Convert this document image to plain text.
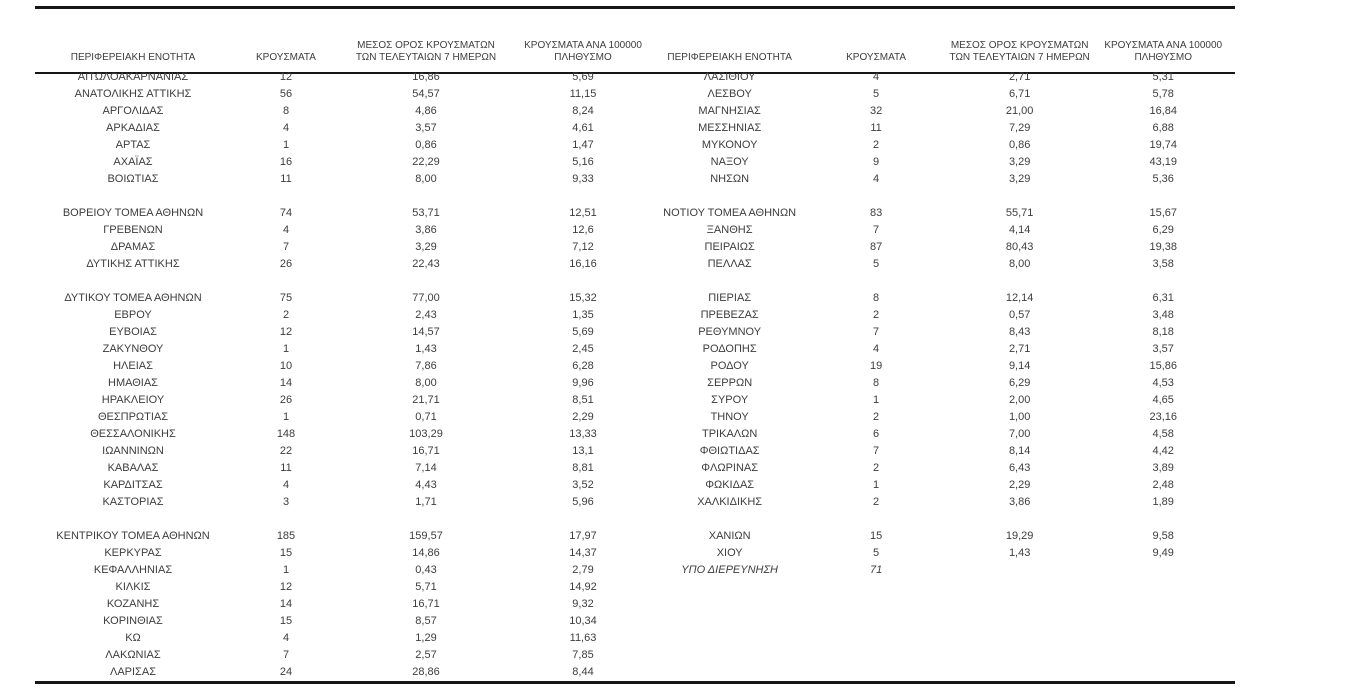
ΠΕΡΙΦΕΡΕΙΑΚΗ ΕΝΟΤΗΤΑ	ΚΡΟΥΣΜΑΤΑ
ΜΕΣΟΣ ΟΡΟΣ ΚΡΟΥΣΜΑΤΩΝ
ΤΩΝ ΤΕΛΕΥΤΑΙΩΝ 7 ΗΜΕΡΩΝ
ΚΡΟΥΣΜΑΤΑ ΑΝΑ 100000
ΠΛΗΘΥΣΜΟ
ΑΙΤΩΛΟΑΚΑΡΝΑΝΙΑΣ	12	16,86	5,69
ΑΝΑΤΟΛΙΚΗΣ ΑΤΤΙΚΗΣ	56	54,57	11,15
ΑΡΓΟΛΙΔΑΣ	8	4,86	8,24
ΑΡΚΑΔΙΑΣ	4	3,57	4,61
ΑΡΤΑΣ	1	0,86	1,47
ΑΧΑΪΑΣ	16	22,29	5,16
ΒΟΙΩΤΙΑΣ	11	8,00	9,33
ΒΟΡΕΙΟΥ ΤΟΜΕΑ ΑΘΗΝΩΝ	74	53,71	12,51
ΓΡΕΒΕΝΩΝ	4	3,86	12,6
ΔΡΑΜΑΣ	7	3,29	7,12
ΔΥΤΙΚΗΣ ΑΤΤΙΚΗΣ	26	22,43	16,16
ΔΥΤΙΚΟΥ ΤΟΜΕΑ ΑΘΗΝΩΝ	75	77,00	15,32
ΕΒΡΟΥ	2	2,43	1,35
ΕΥΒΟΙΑΣ	12	14,57	5,69
ΖΑΚΥΝΘΟΥ	1	1,43	2,45
ΗΛΕΙΑΣ	10	7,86	6,28
ΗΜΑΘΙΑΣ	14	8,00	9,96
ΗΡΑΚΛΕΙΟΥ	26	21,71	8,51
ΘΕΣΠΡΩΤΙΑΣ	1	0,71	2,29
ΘΕΣΣΑΛΟΝΙΚΗΣ	148	103,29	13,33
ΙΩΑΝΝΙΝΩΝ	22	16,71	13,1
ΚΑΒΑΛΑΣ	11	7,14	8,81
ΚΑΡΔΙΤΣΑΣ	4	4,43	3,52
ΚΑΣΤΟΡΙΑΣ	3	1,71	5,96
ΚΕΝΤΡΙΚΟΥ ΤΟΜΕΑ ΑΘΗΝΩΝ	185	159,57	17,97
ΚΕΡΚΥΡΑΣ	15	14,86	14,37
ΚΕΦΑΛΛΗΝΙΑΣ	1	0,43	2,79
ΚΙΛΚΙΣ	12	5,71	14,92
ΚΟΖΑΝΗΣ	14	16,71	9,32
ΚΟΡΙΝΘΙΑΣ	15	8,57	10,34
ΚΩ	4	1,29	11,63
ΛΑΚΩΝΙΑΣ	7	2,57	7,85
ΛΑΡΙΣΑΣ	24	28,86	8,44
ΠΕΡΙΦΕΡΕΙΑΚΗ ΕΝΟΤΗΤΑ	ΚΡΟΥΣΜΑΤΑ
ΜΕΣΟΣ ΟΡΟΣ ΚΡΟΥΣΜΑΤΩΝ
ΤΩΝ ΤΕΛΕΥΤΑΙΩΝ 7 ΗΜΕΡΩΝ
ΚΡΟΥΣΜΑΤΑ ΑΝΑ 100000
ΠΛΗΘΥΣΜΟ
ΛΑΣΙΘΙΟΥ	4	2,71	5,31
ΛΕΣΒΟΥ	5	6,71	5,78
ΜΑΓΝΗΣΙΑΣ	32	21,00	16,84
ΜΕΣΣΗΝΙΑΣ	11	7,29	6,88
ΜΥΚΟΝΟΥ	2	0,86	19,74
ΝΑΞΟΥ	9	3,29	43,19
ΝΗΣΩΝ	4	3,29	5,36
ΝΟΤΙΟΥ ΤΟΜΕΑ ΑΘΗΝΩΝ	83	55,71	15,67
ΞΑΝΘΗΣ	7	4,14	6,29
ΠΕΙΡΑΙΩΣ	87	80,43	19,38
ΠΕΛΛΑΣ	5	8,00	3,58
ΠΙΕΡΙΑΣ	8	12,14	6,31
ΠΡΕΒΕΖΑΣ	2	0,57	3,48
ΡΕΘΥΜΝΟΥ	7	8,43	8,18
ΡΟΔΟΠΗΣ	4	2,71	3,57
ΡΟΔΟΥ	19	9,14	15,86
ΣΕΡΡΩΝ	8	6,29	4,53
ΣΥΡΟΥ	1	2,00	4,65
ΤΗΝΟΥ	2	1,00	23,16
ΤΡΙΚΑΛΩΝ	6	7,00	4,58
ΦΘΙΩΤΙΔΑΣ	7	8,14	4,42
ΦΛΩΡΙΝΑΣ	2	6,43	3,89
ΦΩΚΙΔΑΣ	1	2,29	2,48
ΧΑΛΚΙΔΙΚΗΣ	2	3,86	1,89
ΧΑΝΙΩΝ	15	19,29	9,58
ΧΙΟΥ	5	1,43	9,49
ΥΠΟ ΔΙΕΡΕΥΝΗΣΗ	71
